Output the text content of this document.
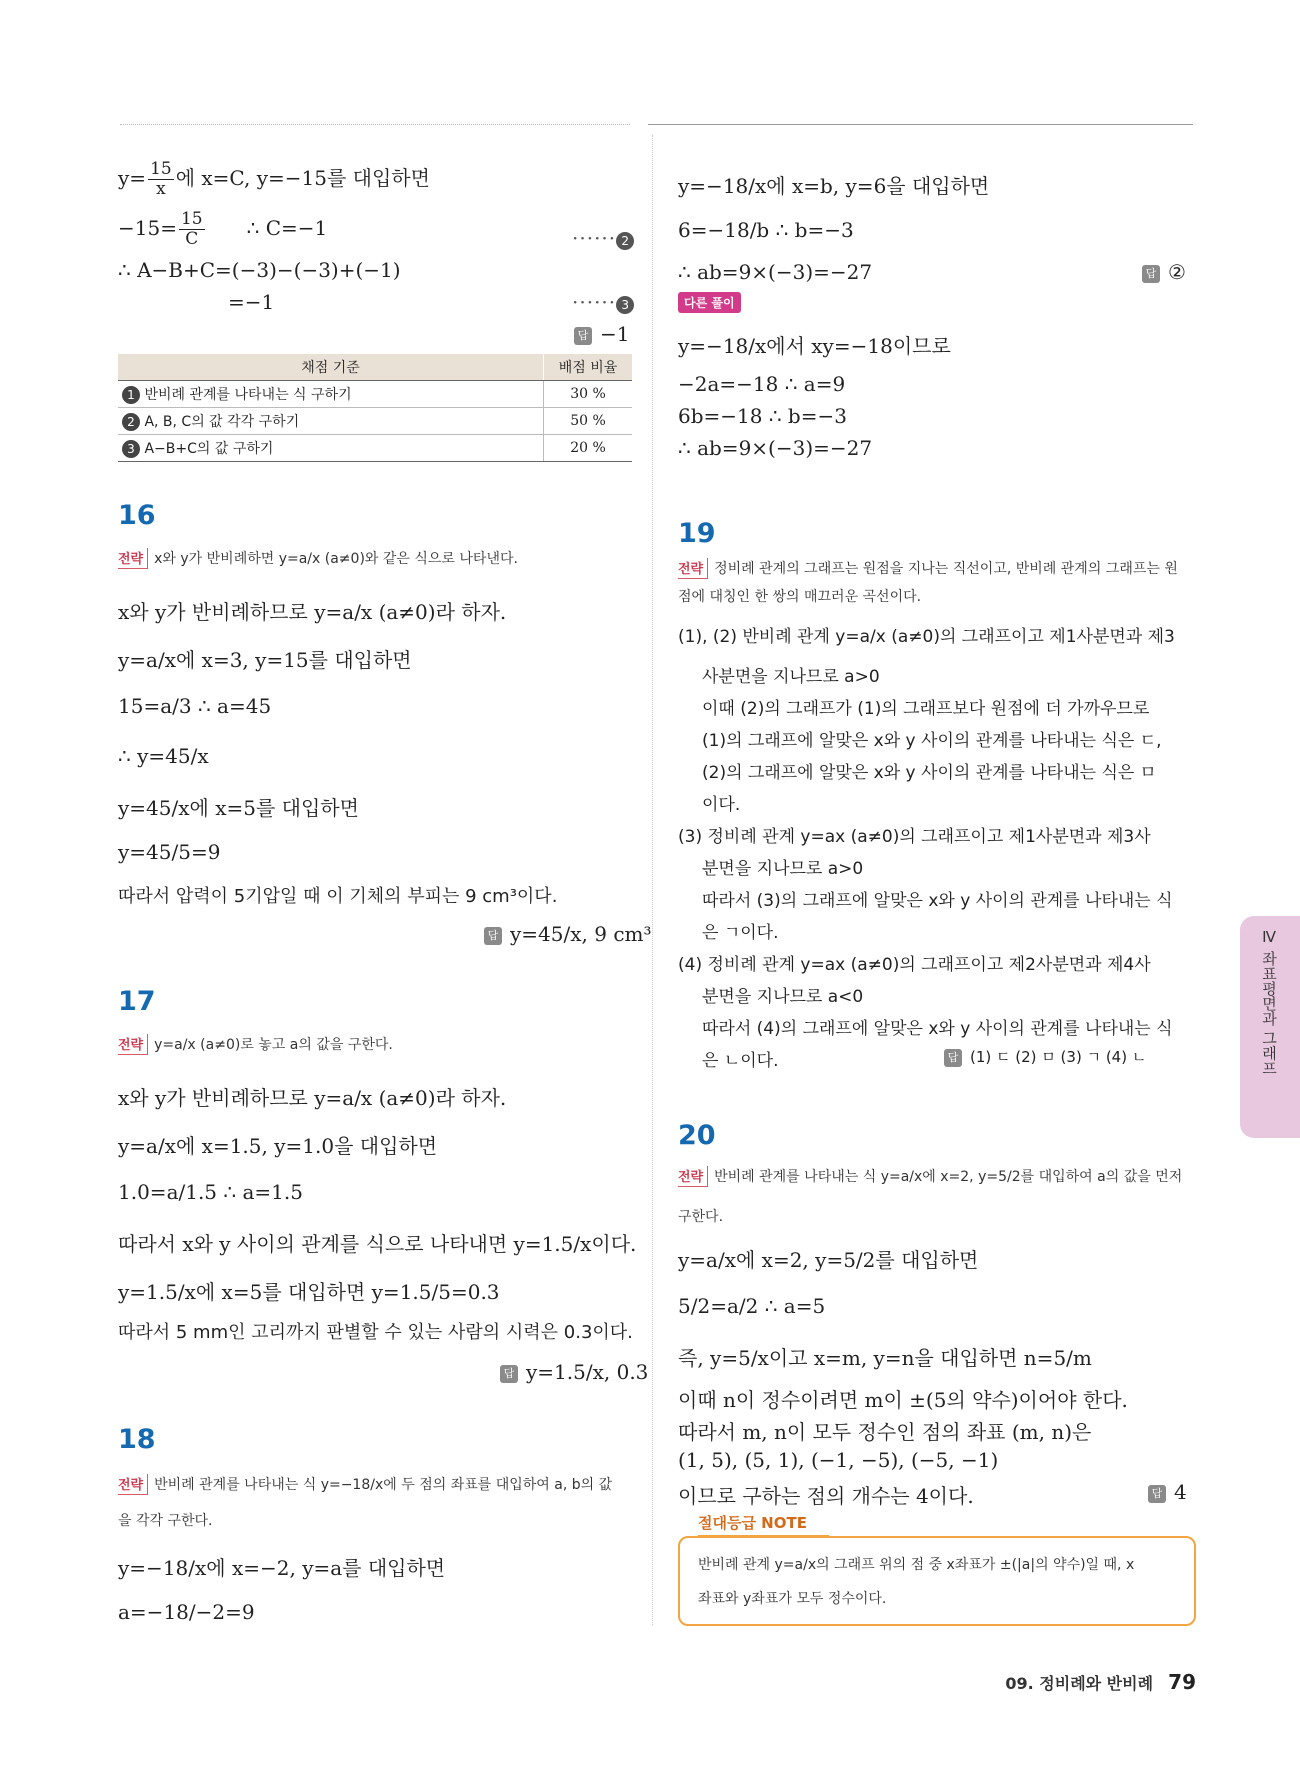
$y= \frac{15}{x}$ 에 x=C, y=−15를 대입하면
$-15= \frac{15}{C}$ ∴ C=−1	······ 2
∴ A−B+C=(−3)−(−3)+(−1)
=−1	······ 3
답 −1
채점 기준	배점 비율
1 반비례 관계를 나타내는 식 구하기	30 %
2 A, B, C의 값 각각 구하기	50 %
3 A−B+C의 값 구하기	20 %
16
전략 x와 y가 반비례하면 y=a/x (a≠0)와 같은 식으로 나타낸다.
x와 y가 반비례하므로 y=a/x (a≠0)라 하자.
y=a/x에 x=3, y=15를 대입하면
15=a/3 ∴ a=45
∴ y=45/x
y=45/x에 x=5를 대입하면
y=45/5=9
따라서 압력이 5기압일 때 이 기체의 부피는 9 cm³이다.
답 y=45/x, 9 cm³
17
전략 y=a/x (a≠0)로 놓고 a의 값을 구한다.
x와 y가 반비례하므로 y=a/x (a≠0)라 하자.
y=a/x에 x=1.5, y=1.0을 대입하면
1.0=a/1.5 ∴ a=1.5
따라서 x와 y 사이의 관계를 식으로 나타내면 y=1.5/x이다.
y=1.5/x에 x=5를 대입하면 y=1.5/5=0.3
따라서 5 mm인 고리까지 판별할 수 있는 사람의 시력은 0.3이다.
답 y=1.5/x, 0.3
18
전략 반비례 관계를 나타내는 식 y=−18/x에 두 점의 좌표를 대입하여 a, b의 값
을 각각 구한다.
y=−18/x에 x=−2, y=a를 대입하면
a=−18/−2=9
y=−18/x에 x=b, y=6을 대입하면
6=−18/b ∴ b=−3
∴ ab=9×(−3)=−27	답 ②
다른 풀이
y=−18/x에서 xy=−18이므로
−2a=−18 ∴ a=9
6b=−18 ∴ b=−3
∴ ab=9×(−3)=−27
19
전략 정비례 관계의 그래프는 원점을 지나는 직선이고, 반비례 관계의 그래프는 원
점에 대칭인 한 쌍의 매끄러운 곡선이다.
(1), (2) 반비례 관계 y=a/x (a≠0)의 그래프이고 제1사분면과 제3
사분면을 지나므로 a>0
이때 (2)의 그래프가 (1)의 그래프보다 원점에 더 가까우므로
(1)의 그래프에 알맞은 x와 y 사이의 관계를 나타내는 식은 ㄷ,
(2)의 그래프에 알맞은 x와 y 사이의 관계를 나타내는 식은 ㅁ
이다.
(3) 정비례 관계 y=ax (a≠0)의 그래프이고 제1사분면과 제3사
분면을 지나므로 a>0
따라서 (3)의 그래프에 알맞은 x와 y 사이의 관계를 나타내는 식
은 ㄱ이다.
(4) 정비례 관계 y=ax (a≠0)의 그래프이고 제2사분면과 제4사
분면을 지나므로 a<0
따라서 (4)의 그래프에 알맞은 x와 y 사이의 관계를 나타내는 식
은 ㄴ이다.	답 (1) ㄷ (2) ㅁ (3) ㄱ (4) ㄴ
20
전략 반비례 관계를 나타내는 식 y=a/x에 x=2, y=5/2를 대입하여 a의 값을 먼저
구한다.
y=a/x에 x=2, y=5/2를 대입하면
5/2=a/2 ∴ a=5
즉, y=5/x이고 x=m, y=n을 대입하면 n=5/m
이때 n이 정수이려면 m이 ±(5의 약수)이어야 한다.
따라서 m, n이 모두 정수인 점의 좌표 (m, n)은
(1, 5), (5, 1), (−1, −5), (−5, −1)
이므로 구하는 점의 개수는 4이다.	답 4
절대등급 NOTE
반비례 관계 y=a/x의 그래프 위의 점 중 x좌표가 ±(|a|의 약수)일 때, x
좌표와 y좌표가 모두 정수이다.
Ⅳ 좌표평면과 그래프
09. 정비례와 반비례 79
